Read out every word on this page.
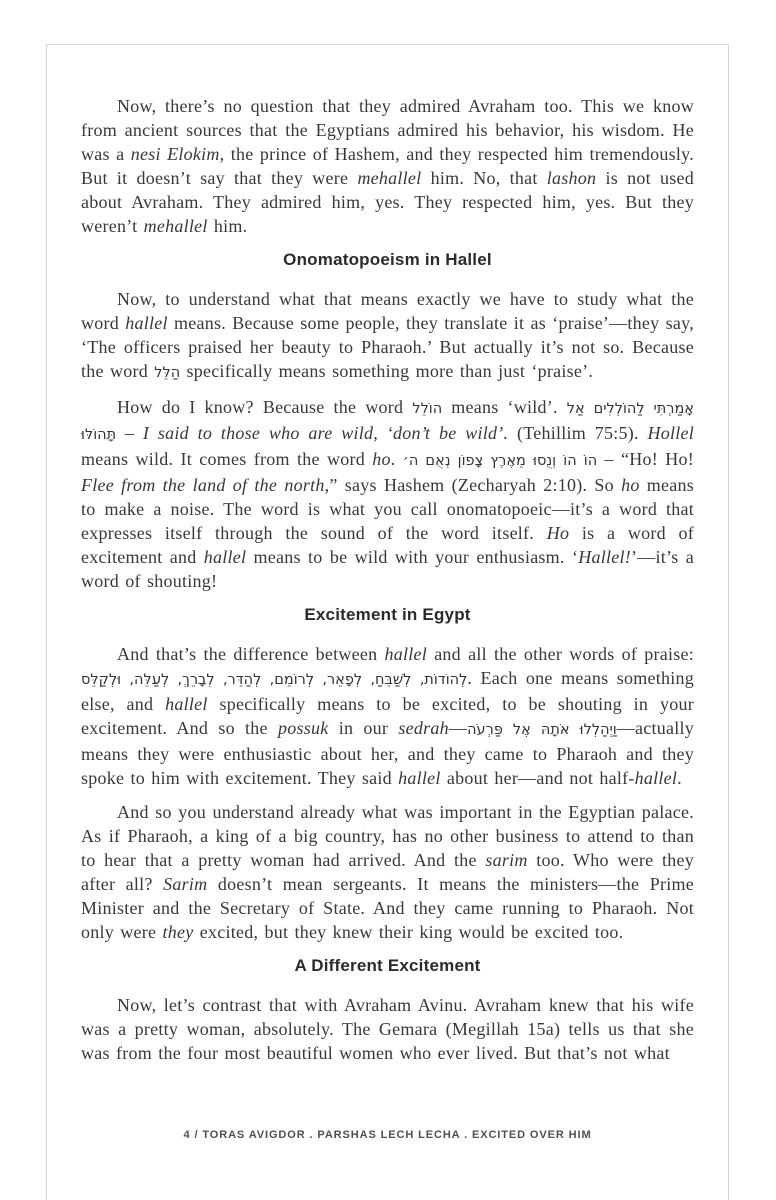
Now, there’s no question that they admired Avraham too. This we know from ancient sources that the Egyptians admired his behavior, his wisdom. He was a nesi Elokim, the prince of Hashem, and they respected him tremendously. But it doesn’t say that they were mehallel him. No, that lashon is not used about Avraham. They admired him, yes. They respected him, yes. But they weren’t mehallel him.

Onomatopoeism in Hallel

Now, to understand what that means exactly we have to study what the word hallel means. Because some people, they translate it as ‘praise’—they say, ‘The officers praised her beauty to Pharaoh.’ But actually it’s not so. Because the word הַלֵּל specifically means something more than just ‘praise’.

How do I know? Because the word הוֹלֵל means ‘wild’. אָמַרְתִּי לַהוֹלְלִים אַל תָּהוֹלּוּ – I said to those who are wild, ‘don’t be wild’. (Tehillim 75:5). Hollel means wild. It comes from the word ho. הוֹ הוֹ וְנֻסוּ מֵאֶרֶץ צָפוֹן נְאֻם ה׳ – “Ho! Ho! Flee from the land of the north,” says Hashem (Zecharyah 2:10). So ho means to make a noise. The word is what you call onomatopoeic—it’s a word that expresses itself through the sound of the word itself. Ho is a word of excitement and hallel means to be wild with your enthusiasm. ‘Hallel!’—it’s a word of shouting!

Excitement in Egypt

And that’s the difference between hallel and all the other words of praise: לְהוֹדוֹת, לְשַׁבֵּחַ, לְפָאֵר, לְרוֹמֵם, לְהַדֵּר, לְבָרֵךְ, לְעַלֵּה, וּלְקַלֵּס. Each one means something else, and hallel specifically means to be excited, to be shouting in your excitement. And so the possuk in our sedrah—וַיְהַלְלוּ אֹתָהּ אֶל פַּרְעֹה—actually means they were enthusiastic about her, and they came to Pharaoh and they spoke to him with excitement. They said hallel about her—and not half-hallel.

And so you understand already what was important in the Egyptian palace. As if Pharaoh, a king of a big country, has no other business to attend to than to hear that a pretty woman had arrived. And the sarim too. Who were they after all? Sarim doesn’t mean sergeants. It means the ministers—the Prime Minister and the Secretary of State. And they came running to Pharaoh. Not only were they excited, but they knew their king would be excited too.

A Different Excitement

Now, let’s contrast that with Avraham Avinu. Avraham knew that his wife was a pretty woman, absolutely. The Gemara (Megillah 15a) tells us that she was from the four most beautiful women who ever lived. But that’s not what

4 / TORAS AVIGDOR . PARSHAS LECH LECHA . EXCITED OVER HIM
